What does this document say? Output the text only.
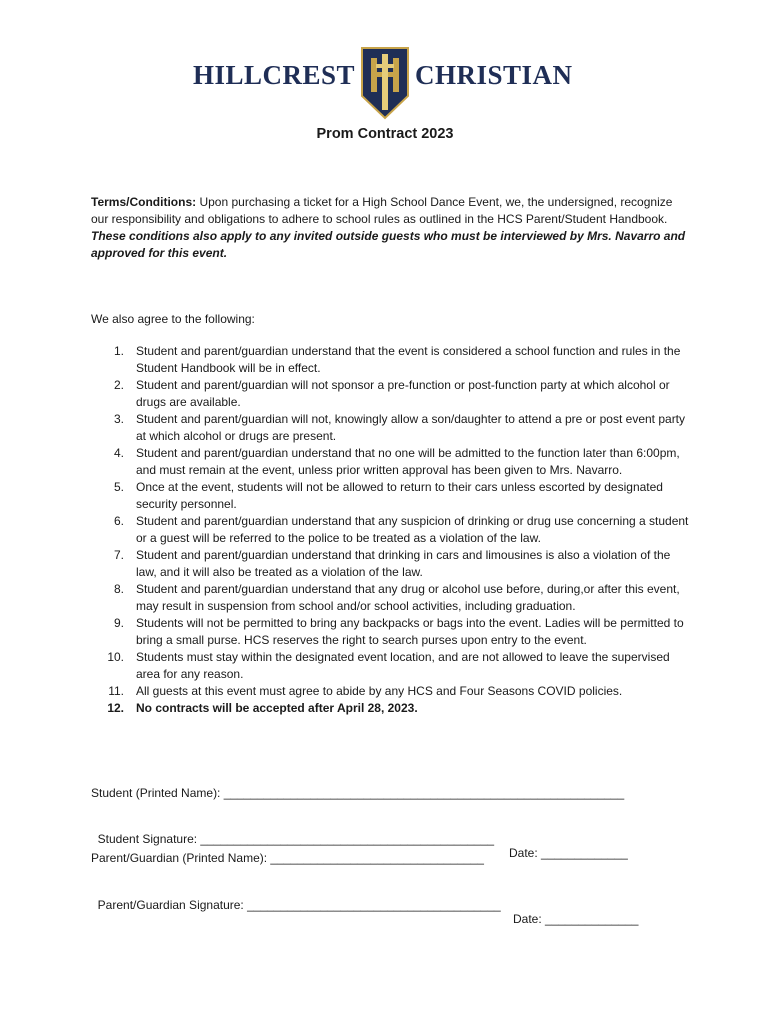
HILLCREST CHRISTIAN
Prom Contract 2023
Terms/Conditions: Upon purchasing a ticket for a High School Dance Event, we, the undersigned, recognize our responsibility and obligations to adhere to school rules as outlined in the HCS Parent/Student Handbook. These conditions also apply to any invited outside guests who must be interviewed by Mrs. Navarro and approved for this event.
We also agree to the following:
1. Student and parent/guardian understand that the event is considered a school function and rules in the Student Handbook will be in effect.
2. Student and parent/guardian will not sponsor a pre-function or post-function party at which alcohol or drugs are available.
3. Student and parent/guardian will not, knowingly allow a son/daughter to attend a pre or post event party at which alcohol or drugs are present.
4. Student and parent/guardian understand that no one will be admitted to the function later than 6:00pm, and must remain at the event, unless prior written approval has been given to Mrs. Navarro.
5. Once at the event, students will not be allowed to return to their cars unless escorted by designated security personnel.
6. Student and parent/guardian understand that any suspicion of drinking or drug use concerning a student or a guest will be referred to the police to be treated as a violation of the law.
7. Student and parent/guardian understand that drinking in cars and limousines is also a violation of the law, and it will also be treated as a violation of the law.
8. Student and parent/guardian understand that any drug or alcohol use before, during,or after this event, may result in suspension from school and/or school activities, including graduation.
9. Students will not be permitted to bring any backpacks or bags into the event. Ladies will be permitted to bring a small purse. HCS reserves the right to search purses upon entry to the event.
10. Students must stay within the designated event location, and are not allowed to leave the supervised area for any reason.
11. All guests at this event must agree to abide by any HCS and Four Seasons COVID policies.
12. No contracts will be accepted after April 28, 2023.
Student (Printed Name): ____________________________________________________________

Student Signature: ____________________________________________

Date: _____________

Parent/Guardian (Printed Name): ________________________________

Parent/Guardian Signature: ______________________________________

Date: ______________
